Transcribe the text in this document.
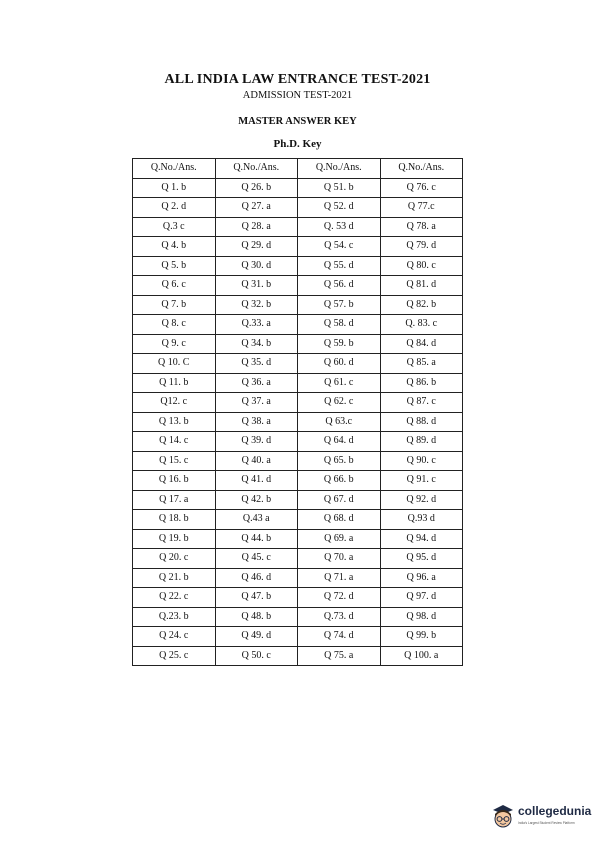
ALL INDIA LAW ENTRANCE TEST-2021
ADMISSION TEST-2021
MASTER ANSWER KEY
Ph.D. Key
Q.No./Ans.	Q.No./Ans.	Q.No./Ans.	Q.No./Ans.
Q 1. b	Q 26. b	Q 51. b	Q 76. c
Q 2. d	Q 27. a	Q 52. d	Q 77.c
Q.3 c	Q 28. a	Q. 53 d	Q 78. a
Q 4. b	Q 29. d	Q 54. c	Q 79. d
Q 5. b	Q 30. d	Q 55. d	Q 80. c
Q 6. c	Q 31. b	Q 56. d	Q 81. d
Q 7. b	Q 32. b	Q 57. b	Q 82. b
Q 8. c	Q.33. a	Q 58. d	Q. 83. c
Q 9. c	Q 34. b	Q 59. b	Q 84. d
Q 10. C	Q 35. d	Q 60. d	Q 85. a
Q 11. b	Q 36. a	Q 61. c	Q 86. b
Q12. c	Q 37. a	Q 62. c	Q 87. c
Q 13. b	Q 38. a	Q 63.c	Q 88. d
Q 14. c	Q 39. d	Q 64. d	Q 89. d
Q 15. c	Q 40. a	Q 65. b	Q 90. c
Q 16. b	Q 41. d	Q 66. b	Q 91. c
Q 17. a	Q 42. b	Q 67. d	Q 92. d
Q 18. b	Q.43 a	Q 68. d	Q.93 d
Q 19. b	Q 44. b	Q 69. a	Q 94. d
Q 20. c	Q 45. c	Q 70. a	Q 95. d
Q 21. b	Q 46. d	Q 71. a	Q 96. a
Q 22. c	Q 47. b	Q 72. d	Q 97. d
Q.23. b	Q 48. b	Q.73. d	Q 98. d
Q 24. c	Q 49. d	Q 74. d	Q 99. b
Q 25. c	Q 50. c	Q 75. a	Q 100. a
collegedunia
India's Largest Student Review Platform
